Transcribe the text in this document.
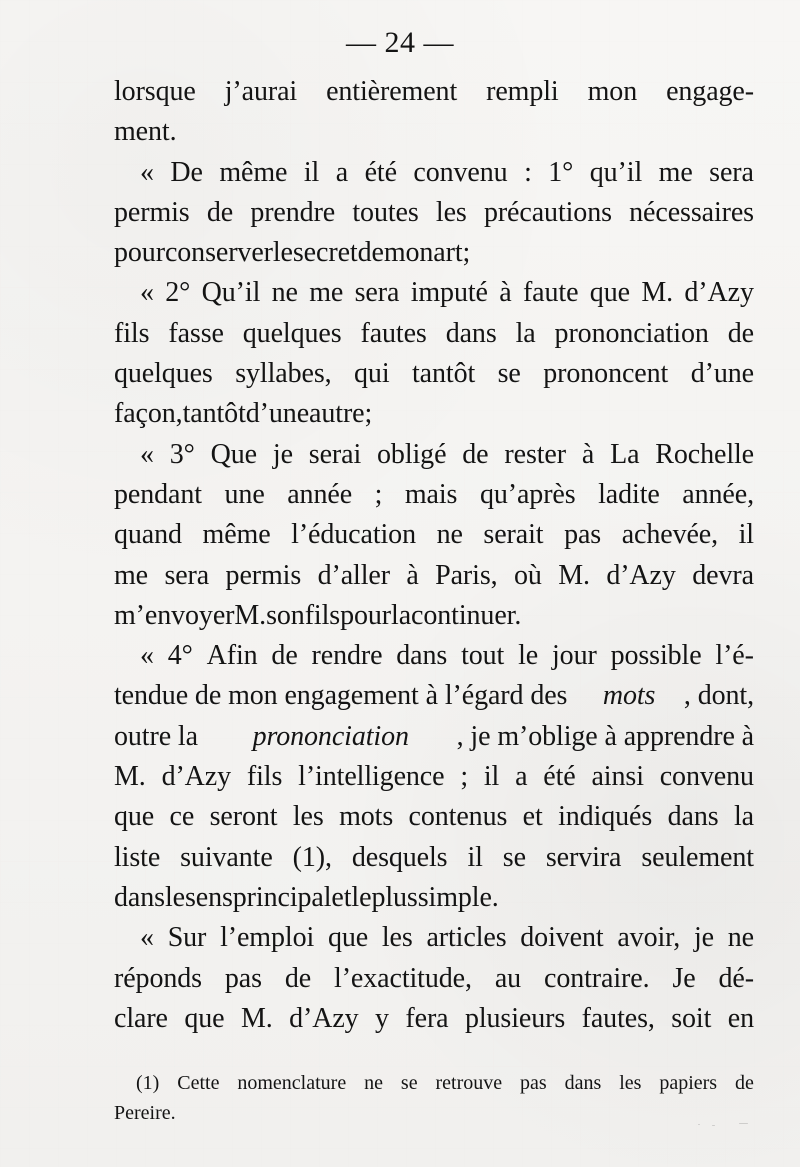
— 24 —
lorsque j’aurai entièrement rempli mon engage-
men t.
« De même il a été convenu : 1° qu’il me sera
permis de prendre toutes les précautions nécessaires
pour conserver le secret de mon art ;
« 2° Qu’il ne me sera imputé à faute que M. d’Azy
fils fasse quelques fautes dans la prononciation de
quelques syllabes, qui tantôt se prononcent d’une
façon, tantôt d’une autre ;
« 3° Que je serai obligé de rester à La Rochelle
pendant une année ; mais qu’après ladite année,
quand même l’éducation ne serait pas achevée, il
me sera permis d’aller à Paris, où M. d’Azy devra
m’envoyer M. son fils pour la continuer.
« 4° Afin de rendre dans tout le jour possible l’é-
tendue de mon engagement à l’égard des mots , dont,
outre la prononciation , je m’oblige à apprendre à
M. d’Azy fils l’intelligence ; il a été ainsi convenu
que ce seront les mots contenus et indiqués dans la
liste suivante (1), desquels il se servira seulement
dans le sens principal et le plus simple.
« Sur l’emploi que les articles doivent avoir, je ne
réponds pas de l’exactitude, au contraire. Je dé-
clare que M. d’Azy y fera plusieurs fautes, soit en
(1) Cette nomenclature ne se retrouve pas dans les papiers de
Pereire.
